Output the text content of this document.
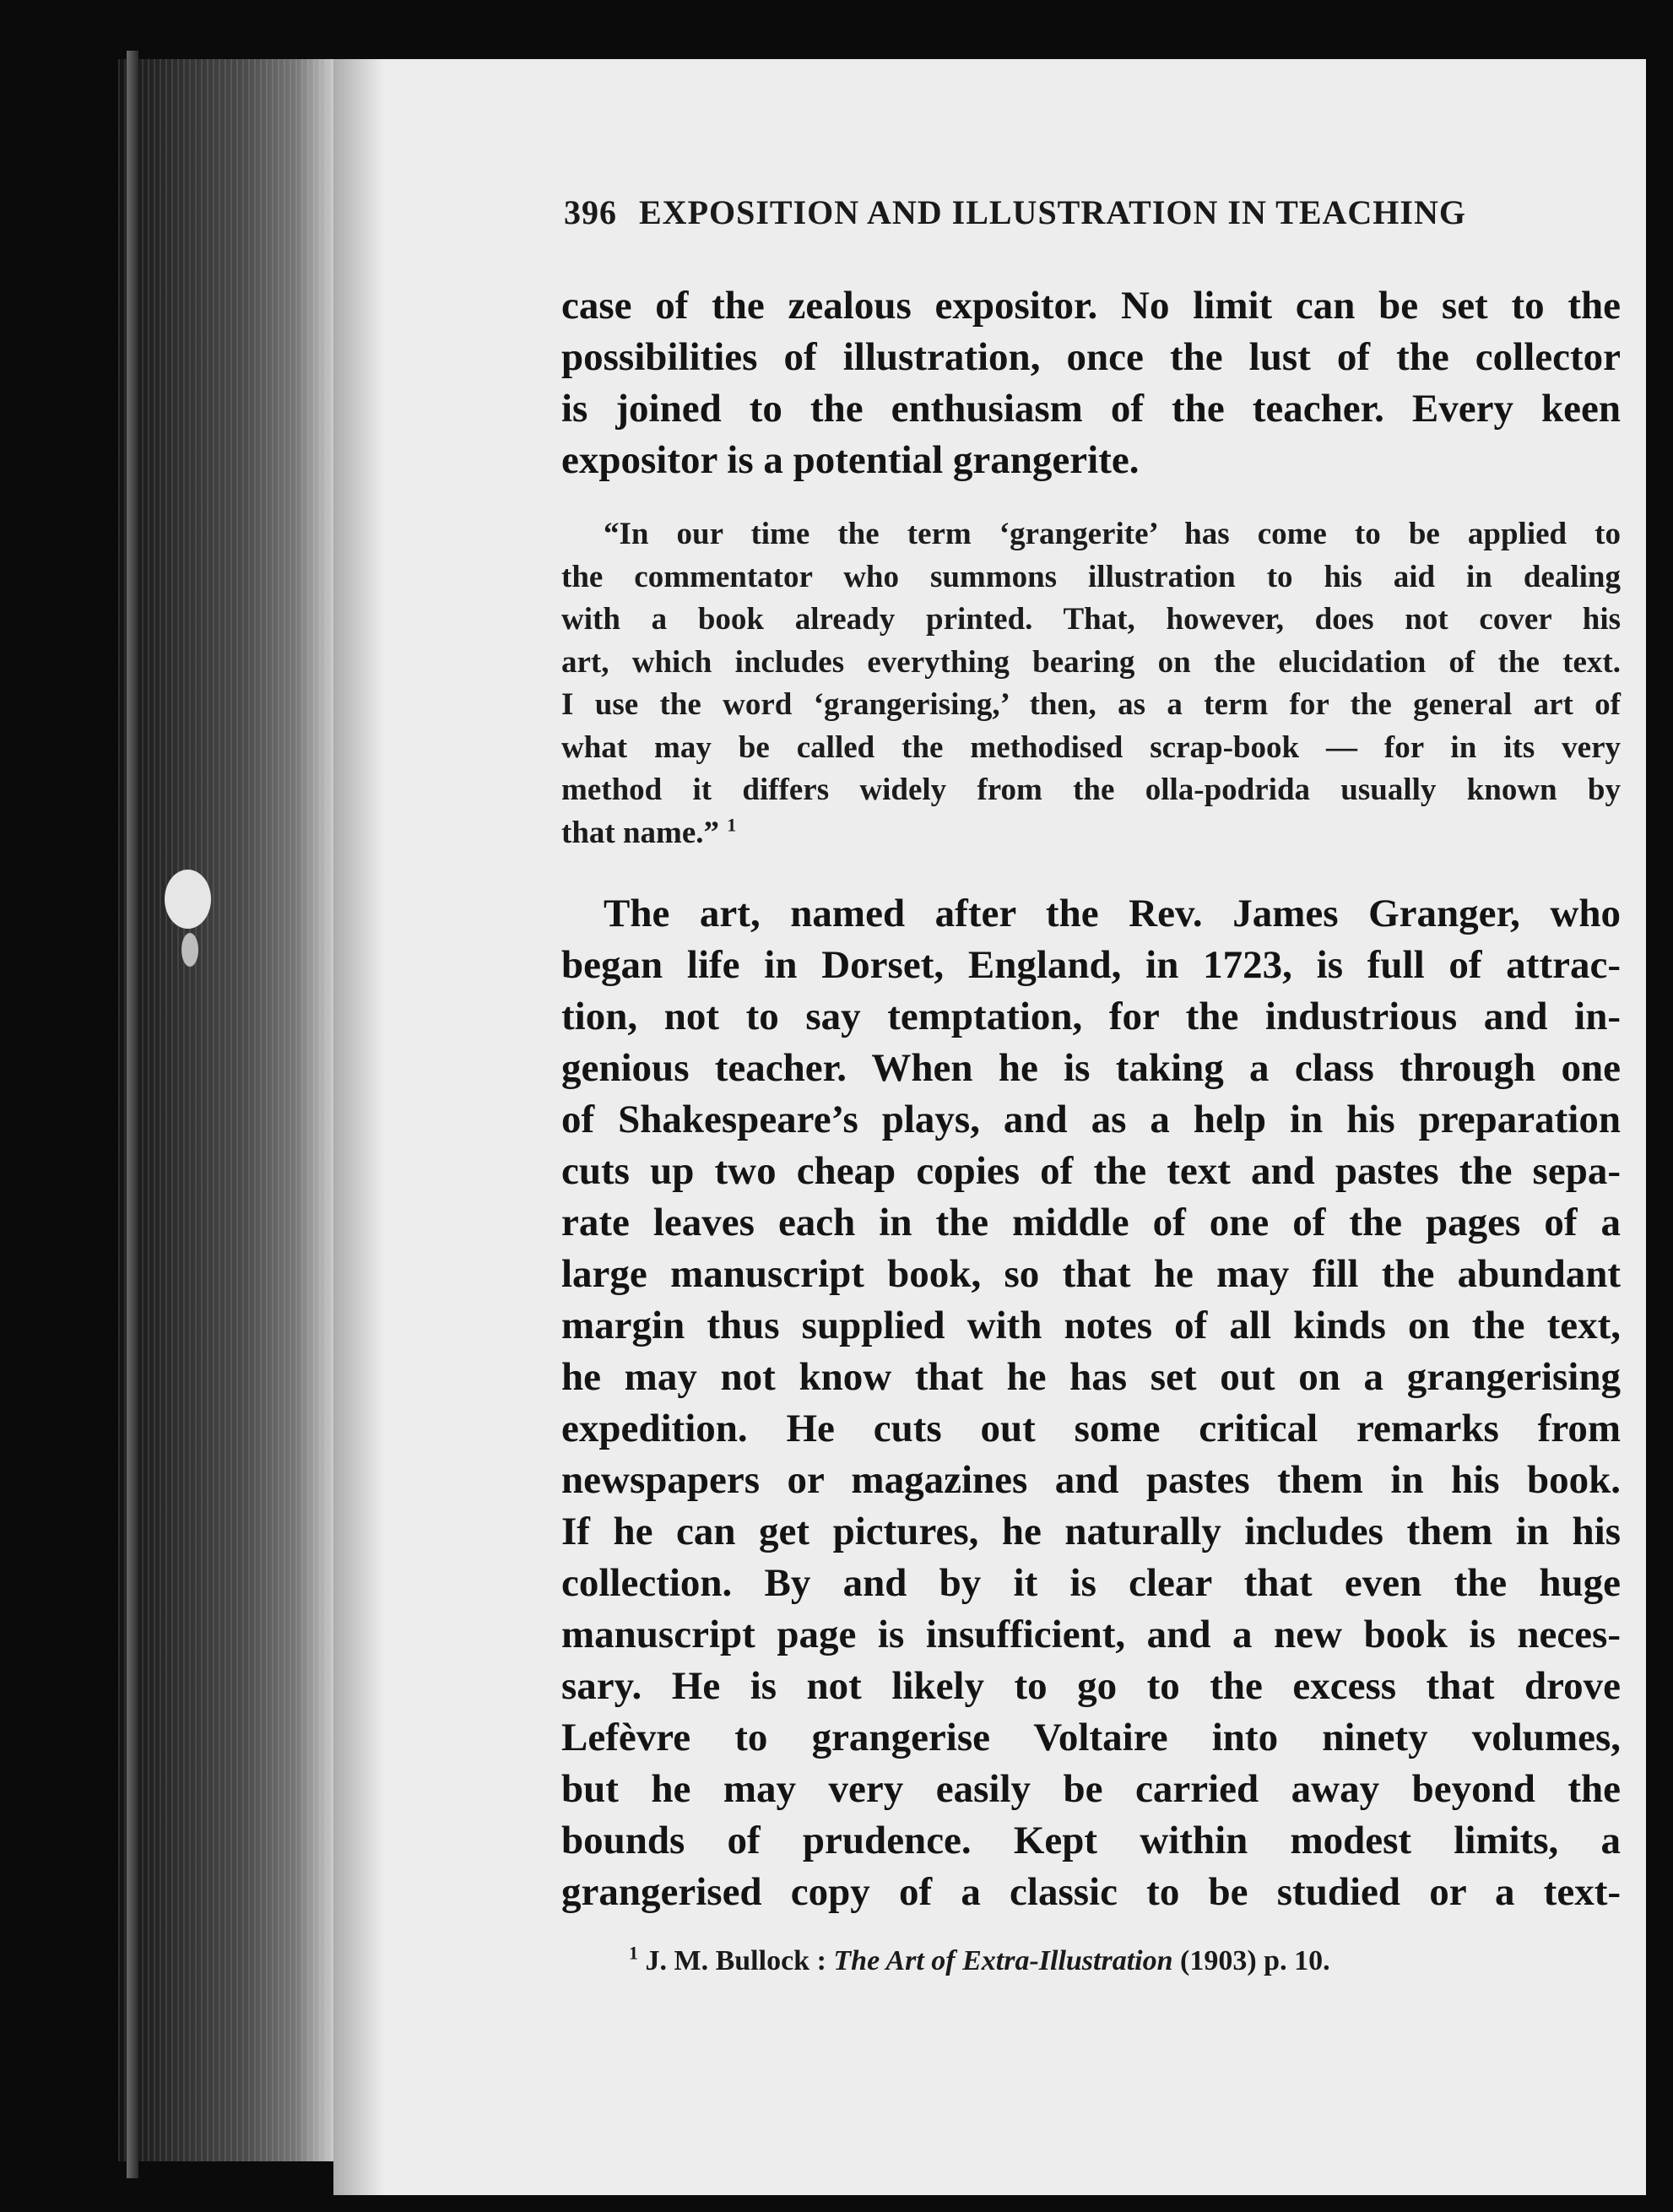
396 EXPOSITION AND ILLUSTRATION IN TEACHING
case of the zealous expositor. No limit can be set to the
possibilities of illustration, once the lust of the collector
is joined to the enthusiasm of the teacher. Every keen
expositor is a potential grangerite.
“In our time the term ‘grangerite’ has come to be applied to
the commentator who summons illustration to his aid in dealing
with a book already printed. That, however, does not cover his
art, which includes everything bearing on the elucidation of the text.
I use the word ‘grangerising,’ then, as a term for the general art of
what may be called the methodised scrap-book — for in its very
method it differs widely from the olla-podrida usually known by
that name.” $^1$
The art, named after the Rev. James Granger, who
began life in Dorset, England, in 1723, is full of attrac-
tion, not to say temptation, for the industrious and in-
genious teacher. When he is taking a class through one
of Shakespeare’s plays, and as a help in his preparation
cuts up two cheap copies of the text and pastes the sepa-
rate leaves each in the middle of one of the pages of a
large manuscript book, so that he may fill the abundant
margin thus supplied with notes of all kinds on the text,
he may not know that he has set out on a grangerising
expedition. He cuts out some critical remarks from
newspapers or magazines and pastes them in his book.
If he can get pictures, he naturally includes them in his
collection. By and by it is clear that even the huge
manuscript page is insufficient, and a new book is neces-
sary. He is not likely to go to the excess that drove
Lefèvre to grangerise Voltaire into ninety volumes,
but he may very easily be carried away beyond the
bounds of prudence. Kept within modest limits, a
grangerised copy of a classic to be studied or a text-
$^1$ J. M. Bullock : The Art of Extra-Illustration (1903) p. 10.
